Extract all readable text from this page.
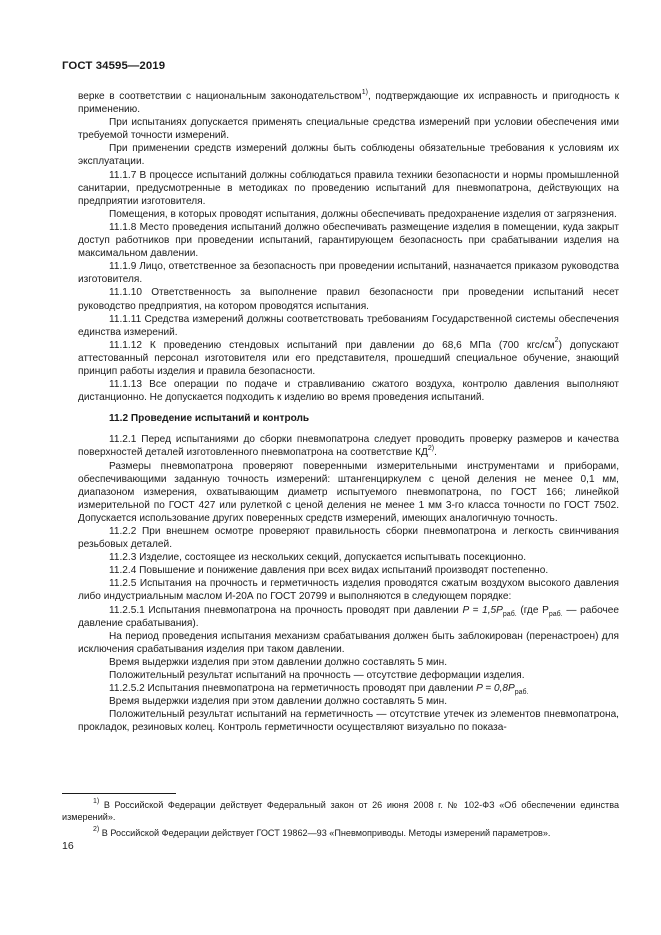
ГОСТ 34595—2019

верке в соответствии с национальным законодательством$^{1)}$, подтверждающие их исправность и пригодность к применению.

При испытаниях допускается применять специальные средства измерений при условии обеспечения ими требуемой точности измерений.

При применении средств измерений должны быть соблюдены обязательные требования к условиям их эксплуатации.

11.1.7 В процессе испытаний должны соблюдаться правила техники безопасности и нормы промышленной санитарии, предусмотренные в методиках по проведению испытаний для пневмопатрона, действующих на предприятии изготовителя.

Помещения, в которых проводят испытания, должны обеспечивать предохранение изделия от загрязнения.

11.1.8 Место проведения испытаний должно обеспечивать размещение изделия в помещении, куда закрыт доступ работников при проведении испытаний, гарантирующем безопасность при срабатывании изделия на максимальном давлении.

11.1.9 Лицо, ответственное за безопасность при проведении испытаний, назначается приказом руководства изготовителя.

11.1.10 Ответственность за выполнение правил безопасности при проведении испытаний несет руководство предприятия, на котором проводятся испытания.

11.1.11 Средства измерений должны соответствовать требованиям Государственной системы обеспечения единства измерений.

11.1.12 К проведению стендовых испытаний при давлении до 68,6 МПа (700 кгс/$см^2$) допускают аттестованный персонал изготовителя или его представителя, прошедший специальное обучение, знающий принцип работы изделия и правила безопасности.

11.1.13 Все операции по подаче и стравливанию сжатого воздуха, контролю давления выполняют дистанционно. Не допускается подходить к изделию во время проведения испытаний.

11.2 Проведение испытаний и контроль

11.2.1 Перед испытаниями до сборки пневмопатрона следует проводить проверку размеров и качества поверхностей деталей изготовленного пневмопатрона на соответствие КД$^{2)}$.

Размеры пневмопатрона проверяют поверенными измерительными инструментами и приборами, обеспечивающими заданную точность измерений: штангенциркулем с ценой деления не менее 0,1 мм, диапазоном измерения, охватывающим диаметр испытуемого пневмопатрона, по ГОСТ 166; линейкой измерительной по ГОСТ 427 или рулеткой с ценой деления не менее 1 мм 3-го класса точности по ГОСТ 7502. Допускается использование других поверенных средств измерений, имеющих аналогичную точность.

11.2.2 При внешнем осмотре проверяют правильность сборки пневмопатрона и легкость свинчивания резьбовых деталей.

11.2.3 Изделие, состоящее из нескольких секций, допускается испытывать посекционно.

11.2.4 Повышение и понижение давления при всех видах испытаний производят постепенно.

11.2.5 Испытания на прочность и герметичность изделия проводятся сжатым воздухом высокого давления либо индустриальным маслом И-20А по ГОСТ 20799 и выполняются в следующем порядке:

11.2.5.1 Испытания пневмопатрона на прочность проводят при давлении $P = 1,5P_{раб.}$ (где $P_{раб.}$ — рабочее давление срабатывания).

На период проведения испытания механизм срабатывания должен быть заблокирован (перенастроен) для исключения срабатывания изделия при таком давлении.

Время выдержки изделия при этом давлении должно составлять 5 мин.

Положительный результат испытаний на прочность — отсутствие деформации изделия.

11.2.5.2 Испытания пневмопатрона на герметичность проводят при давлении $P = 0,8P_{раб.}$

Время выдержки изделия при этом давлении должно составлять 5 мин.

Положительный результат испытаний на герметичность — отсутствие утечек из элементов пневмопатрона, прокладок, резиновых колец. Контроль герметичности осуществляют визуально по показа-

$^{1)}$ В Российской Федерации действует Федеральный закон от 26 июня 2008 г. № 102-ФЗ «Об обеспечении единства измерений».

$^{2)}$ В Российской Федерации действует ГОСТ 19862—93 «Пневмоприводы. Методы измерений параметров».

16
